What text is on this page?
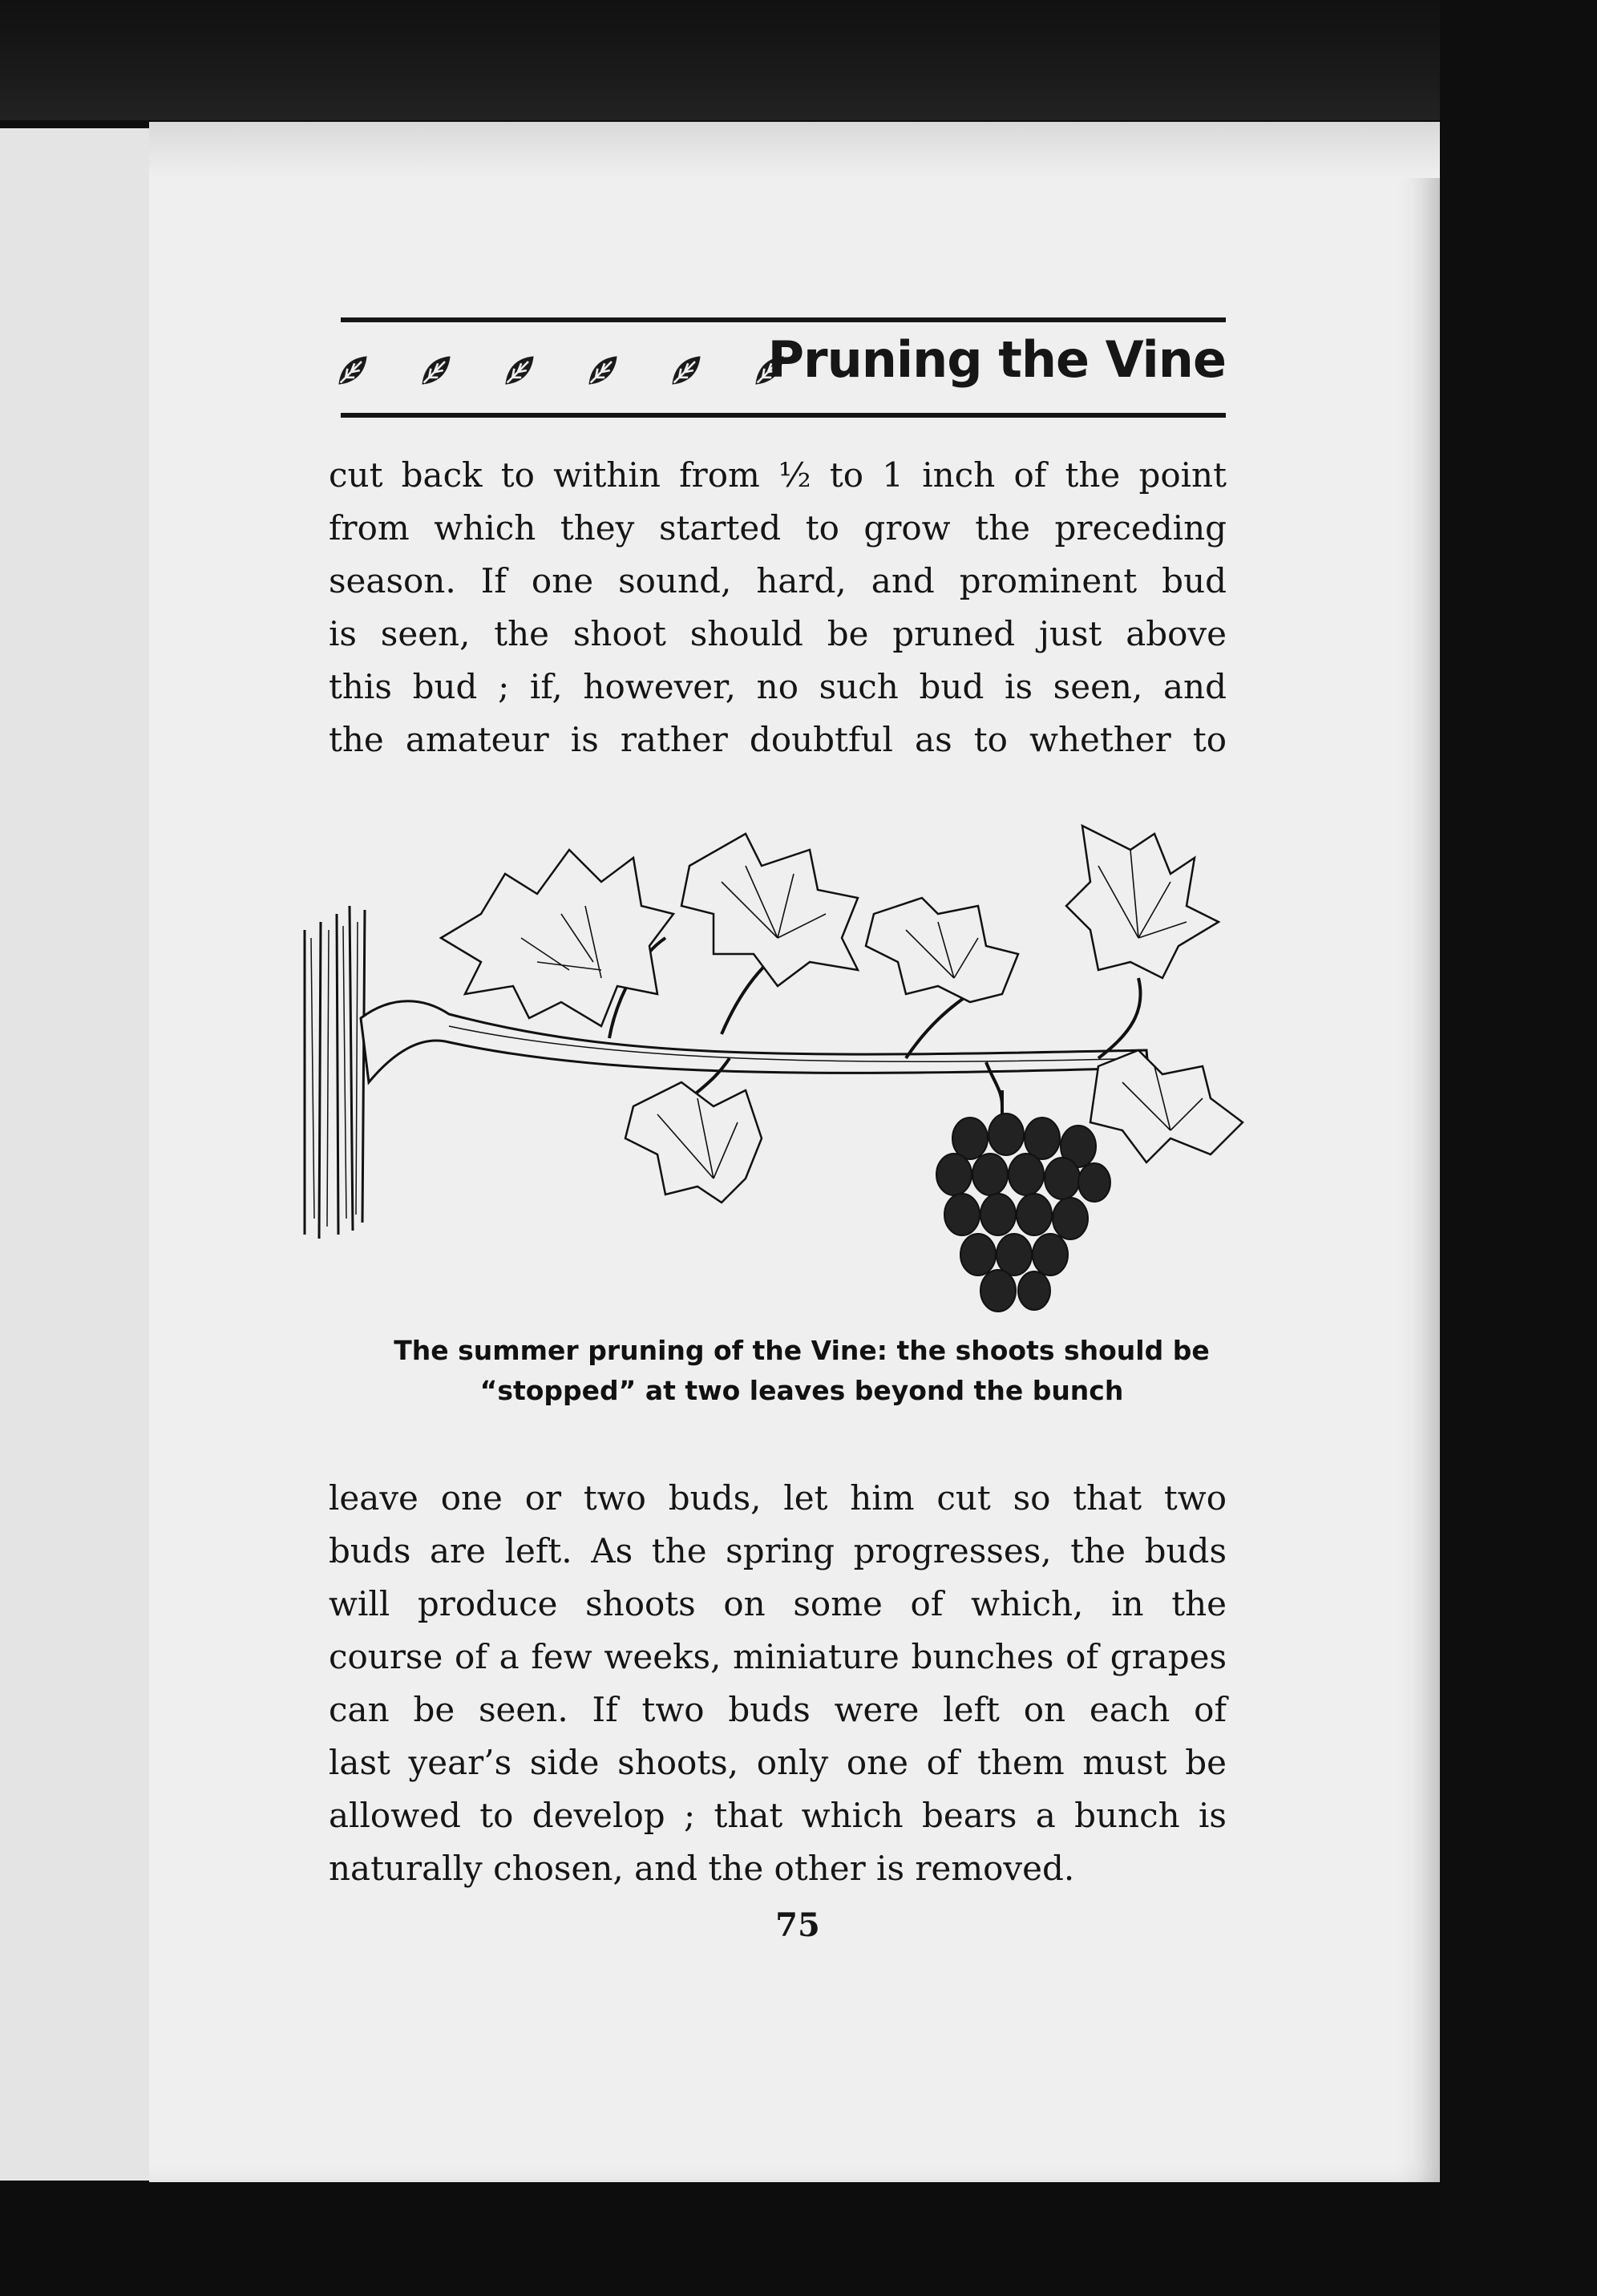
Pruning the Vine
cut back to within from ½ to 1 inch of the point
from which they started to grow the preceding
season. If one sound, hard, and prominent bud
is seen, the shoot should be pruned just above
this bud ; if, however, no such bud is seen, and
the amateur is rather doubtful as to whether to
The summer pruning of the Vine: the shoots should be
“stopped” at two leaves beyond the bunch
leave one or two buds, let him cut so that two
buds are left. As the spring progresses, the buds
will produce shoots on some of which, in the
course of a few weeks, miniature bunches of grapes
can be seen. If two buds were left on each of
last year’s side shoots, only one of them must be
allowed to develop ; that which bears a bunch is
naturally chosen, and the other is removed.
75
